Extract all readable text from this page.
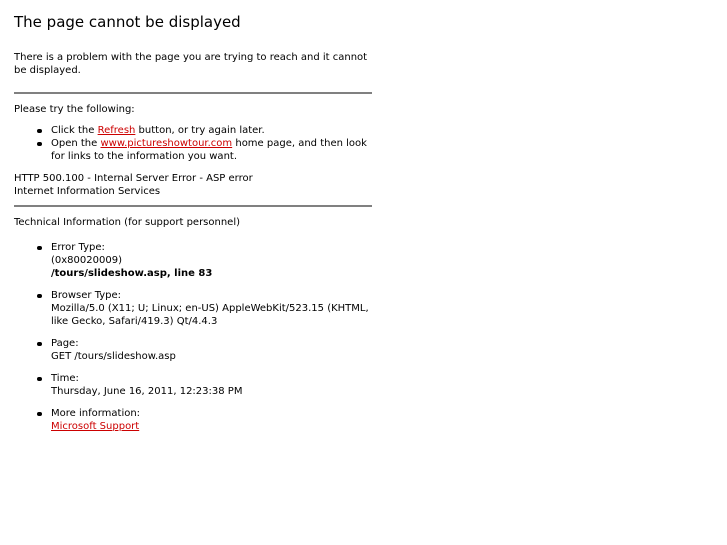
The page cannot be displayed

There is a problem with the page you are trying to reach and it cannot be displayed.

Please try the following:

Click the Refresh button, or try again later.
Open the www.pictureshowtour.com home page, and then look for links to the information you want.

HTTP 500.100 - Internal Server Error - ASP error

Internet Information Services

Technical Information (for support personnel)

Error Type:
(0x80020009)
/tours/slideshow.asp, line 83
Browser Type:
Mozilla/5.0 (X11; U; Linux; en-US) AppleWebKit/523.15 (KHTML, like Gecko, Safari/419.3) Qt/4.4.3
Page:
GET /tours/slideshow.asp
Time:
Thursday, June 16, 2011, 12:23:38 PM
More information:
Microsoft Support
